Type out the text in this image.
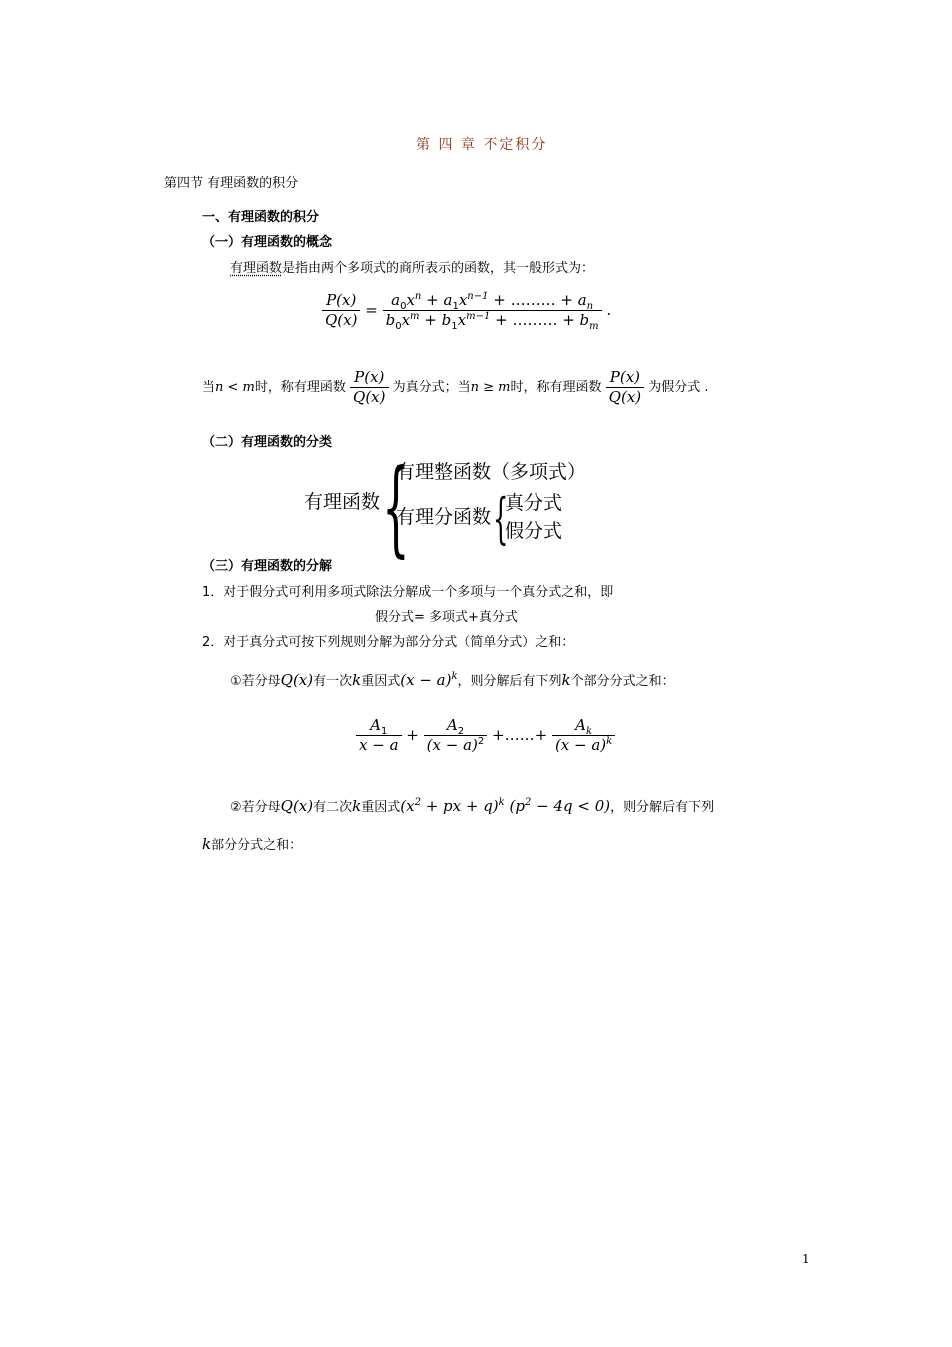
第 四 章 不定积分
第四节 有理函数的积分
一、有理函数的积分
（一）有理函数的概念
有理函数是指由两个多项式的商所表示的函数，其一般形式为：
$\frac{P(x)}{Q(x)} = \frac{a_0x^n + a_1x^{n-1} + \dots\dots\dots + a_n}{b_0x^m + b_1x^{m-1} + \dots\dots\dots + b_m}$ .
当n < m时，称有理函数 $\frac{P(x)}{Q(x)}$ 为真分式；当n ≥ m时，称有理函数 $\frac{P(x)}{Q(x)}$ 为假分式 .
（二）有理函数的分类
有理函数 {
有理整函数（多项式）
有理分函数 {
真分式
假分式
（三）有理函数的分解
1．对于假分式可利用多项式除法分解成一个多项与一个真分式之和，即
假分式= 多项式+真分式
2．对于真分式可按下列规则分解为部分分式（简单分式）之和：
①若分母Q(x)有一次k重因式$(x - a)^k$，则分解后有下列k个部分分式之和：
$\frac{A_1}{x - a} + \frac{A_2}{(x - a)^2}$ +……+ $\frac{A_k}{(x - a)^k}$
②若分母Q(x)有二次k重因式($x^2$ + px + q)$^k$ $(p^2 - 4q < 0)$，则分解后有下列
k部分分式之和：
1
